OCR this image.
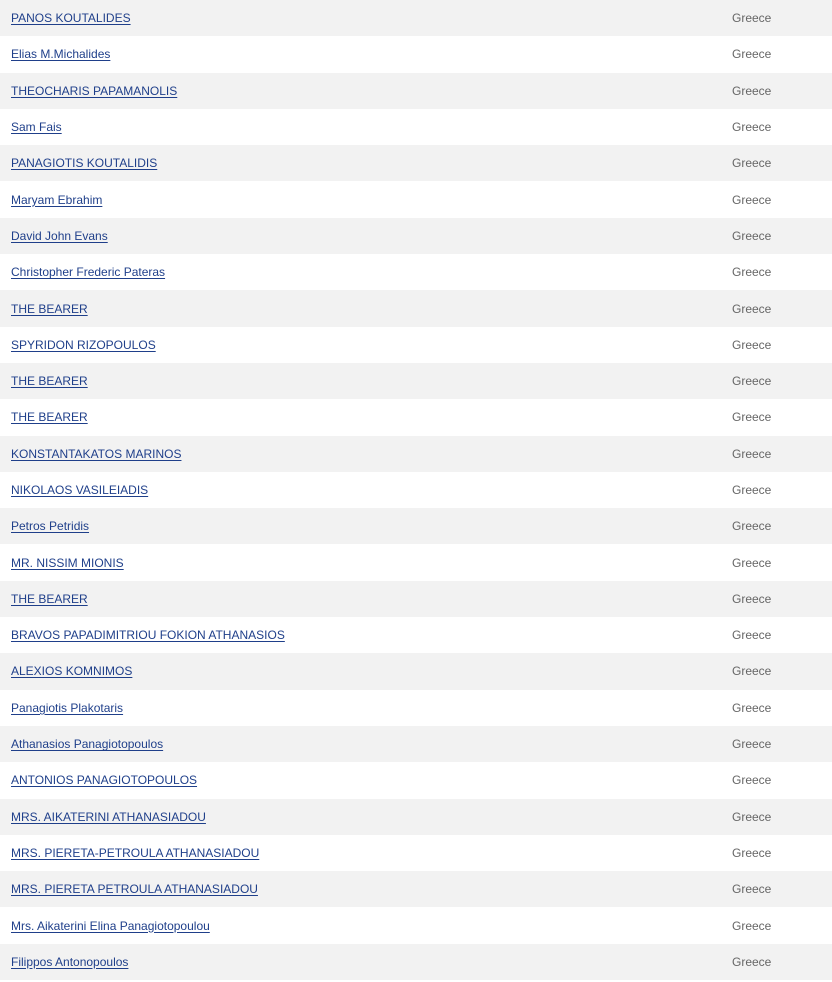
PANOS KOUTALIDES	Greece
Elias M.Michalides	Greece
THEOCHARIS PAPAMANOLIS	Greece
Sam Fais	Greece
PANAGIOTIS KOUTALIDIS	Greece
Maryam Ebrahim	Greece
David John Evans	Greece
Christopher Frederic Pateras	Greece
THE BEARER	Greece
SPYRIDON RIZOPOULOS	Greece
THE BEARER	Greece
THE BEARER	Greece
KONSTANTAKATOS MARINOS	Greece
NIKOLAOS VASILEIADIS	Greece
Petros Petridis	Greece
MR. NISSIM MIONIS	Greece
THE BEARER	Greece
BRAVOS PAPADIMITRIOU FOKION ATHANASIOS	Greece
ALEXIOS KOMNIMOS	Greece
Panagiotis Plakotaris	Greece
Athanasios Panagiotopoulos	Greece
ANTONIOS PANAGIOTOPOULOS	Greece
MRS. AIKATERINI ATHANASIADOU	Greece
MRS. PIERETA-PETROULA ATHANASIADOU	Greece
MRS. PIERETA PETROULA ATHANASIADOU	Greece
Mrs. Aikaterini Elina Panagiotopoulou	Greece
Filippos Antonopoulos	Greece
